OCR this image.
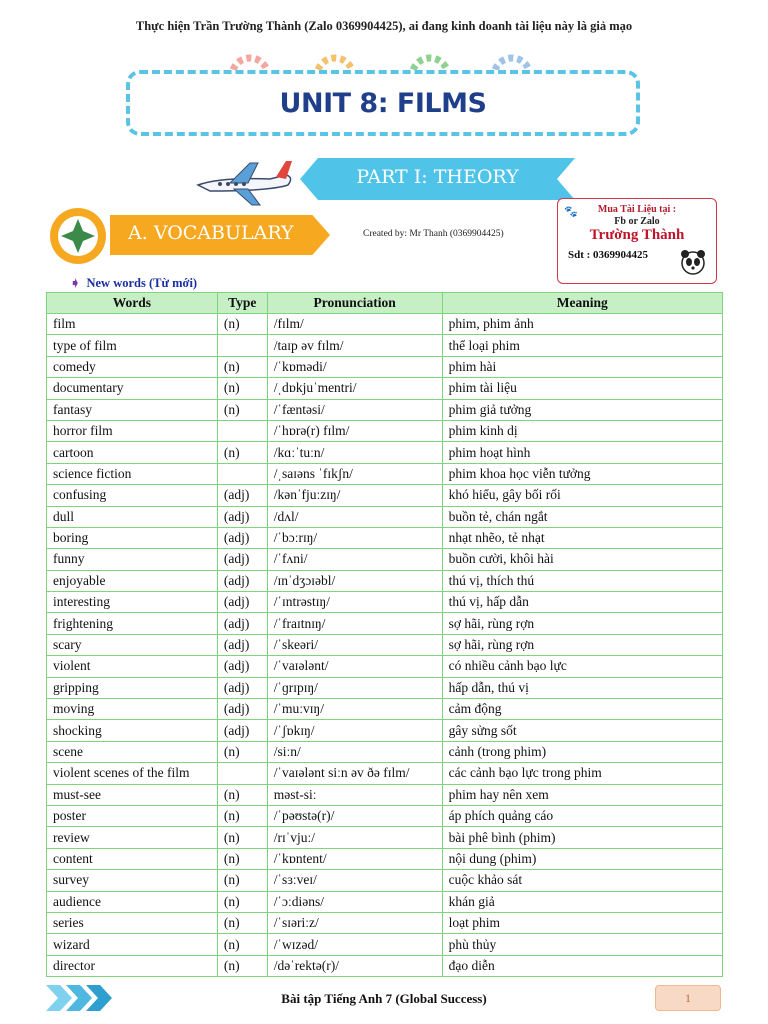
Thực hiện Trần Trường Thành (Zalo 0369904425), ai đang kinh doanh tài liệu này là giả mạo
UNIT 8: FILMS
PART I: THEORY
A. VOCABULARY	Created by: Mr Thanh (0369904425)
🐾	Mua Tài Liệu tại :
Fb or Zalo
Trường Thành
Sdt : 0369904425
➧ New words (Từ mới)
Words	Type	Pronunciation	Meaning
film	(n)	/fɪlm/	phim, phim ảnh
type of film		/taɪp əv fɪlm/	thể loại phim
comedy	(n)	/ˈkɒmədi/	phim hài
documentary	(n)	/ˌdɒkjuˈmentri/	phim tài liệu
fantasy	(n)	/ˈfæntəsi/	phim giả tưởng
horror film		/ˈhɒrə(r) fɪlm/	phim kinh dị
cartoon	(n)	/kɑːˈtuːn/	phim hoạt hình
science fiction		/ˌsaɪəns ˈfɪkʃn/	phim khoa học viễn tưởng
confusing	(adj)	/kənˈfjuːzɪŋ/	khó hiểu, gây bối rối
dull	(adj)	/dʌl/	buồn tẻ, chán ngắt
boring	(adj)	/ˈbɔːrɪŋ/	nhạt nhẽo, tẻ nhạt
funny	(adj)	/ˈfʌni/	buồn cười, khôi hài
enjoyable	(adj)	/ɪnˈdʒɔɪəbl/	thú vị, thích thú
interesting	(adj)	/ˈɪntrəstɪŋ/	thú vị, hấp dẫn
frightening	(adj)	/ˈfraɪtnɪŋ/	sợ hãi, rùng rợn
scary	(adj)	/ˈskeəri/	sợ hãi, rùng rợn
violent	(adj)	/ˈvaɪələnt/	có nhiều cảnh bạo lực
gripping	(adj)	/ˈɡrɪpɪŋ/	hấp dẫn, thú vị
moving	(adj)	/ˈmuːvɪŋ/	cảm động
shocking	(adj)	/ˈʃɒkɪŋ/	gây sửng sốt
scene	(n)	/siːn/	cảnh (trong phim)
violent scenes of the film		/ˈvaɪələnt siːn əv ðə fɪlm/	các cảnh bạo lực trong phim
must-see	(n)	məst-siː	phim hay nên xem
poster	(n)	/ˈpəʊstə(r)/	áp phích quảng cáo
review	(n)	/rɪˈvjuː/	bài phê bình (phim)
content	(n)	/ˈkɒntent/	nội dung (phim)
survey	(n)	/ˈsɜːveɪ/	cuộc khảo sát
audience	(n)	/ˈɔːdiəns/	khán giả
series	(n)	/ˈsɪəriːz/	loạt phim
wizard	(n)	/ˈwɪzəd/	phù thủy
director	(n)	/dəˈrektə(r)/	đạo diễn
Bài tập Tiếng Anh 7 (Global Success)	1
